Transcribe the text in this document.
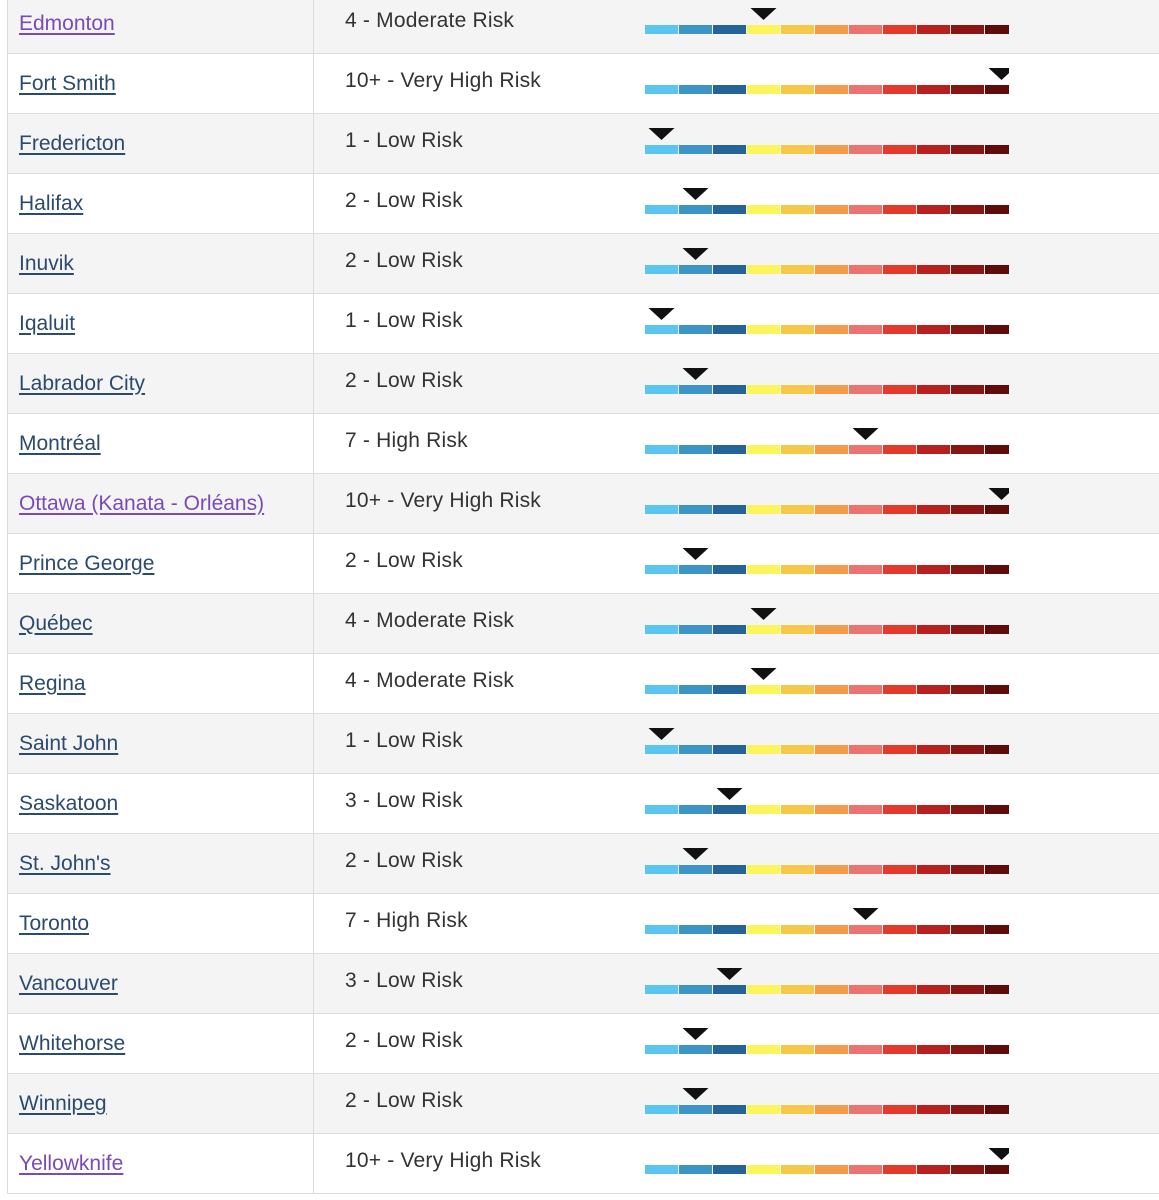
Edmonton	4 - Moderate Risk
Fort Smith	10+ - Very High Risk
Fredericton	1 - Low Risk
Halifax	2 - Low Risk
Inuvik	2 - Low Risk
Iqaluit	1 - Low Risk
Labrador City	2 - Low Risk
Montréal	7 - High Risk
Ottawa (Kanata - Orléans)	10+ - Very High Risk
Prince George	2 - Low Risk
Québec	4 - Moderate Risk
Regina	4 - Moderate Risk
Saint John	1 - Low Risk
Saskatoon	3 - Low Risk
St. John's	2 - Low Risk
Toronto	7 - High Risk
Vancouver	3 - Low Risk
Whitehorse	2 - Low Risk
Winnipeg	2 - Low Risk
Yellowknife	10+ - Very High Risk
